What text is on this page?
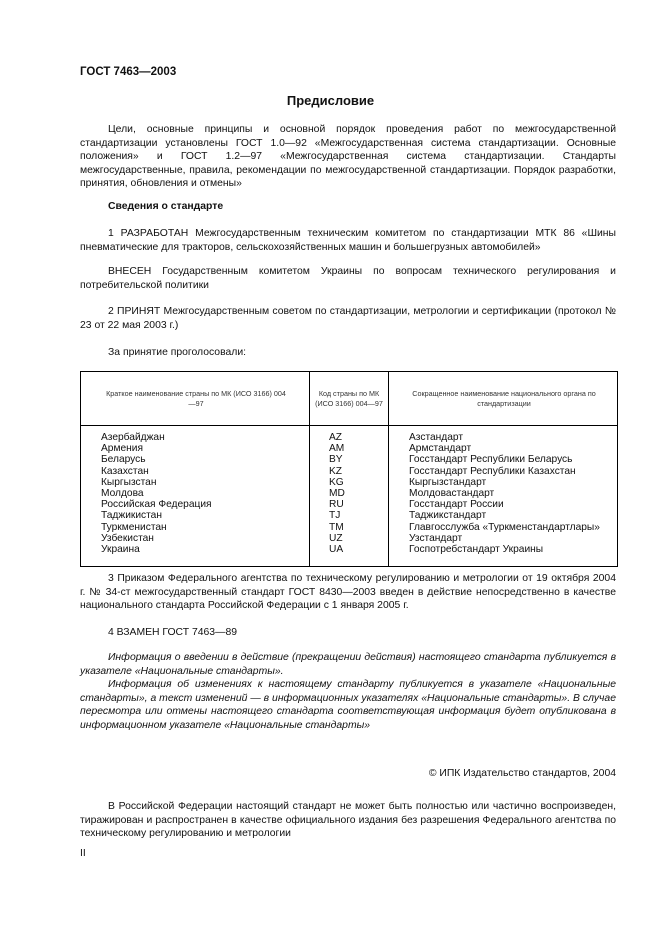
ГОСТ 7463—2003
Предисловие
Цели, основные принципы и основной порядок проведения работ по межгосударственной стандартизации установлены ГОСТ 1.0—92 «Межгосударственная система стандартизации. Основные положения» и ГОСТ 1.2—97 «Межгосударственная система стандартизации. Стандарты межгосударственные, правила, рекомендации по межгосударственной стандартизации. Порядок разработки, принятия, обновления и отмены»
Сведения о стандарте
1 РАЗРАБОТАН Межгосударственным техническим комитетом по стандартизации МТК 86 «Шины пневматические для тракторов, сельскохозяйственных машин и большегрузных автомобилей»
ВНЕСЕН Государственным комитетом Украины по вопросам технического регулирования и потребительской политики
2 ПРИНЯТ Межгосударственным советом по стандартизации, метрологии и сертификации (протокол № 23 от 22 мая 2003 г.)
За принятие проголосовали:
Краткое наименование страны по МК (ИСО 3166) 004—97
Код страны по МК (ИСО 3166) 004—97
Сокращенное наименование национального органа по стандартизации
Азербайджан
Армения
Беларусь
Казахстан
Кыргызстан
Молдова
Российская Федерация
Таджикистан
Туркменистан
Узбекистан
Украина
AZ
AM
BY
KZ
KG
MD
RU
TJ
TM
UZ
UA
Азстандарт
Армстандарт
Госстандарт Республики Беларусь
Госстандарт Республики Казахстан
Кыргызстандарт
Молдовастандарт
Госстандарт России
Таджикстандарт
Главгосслужба «Туркменстандартлары»
Узстандарт
Госпотребстандарт Украины
3 Приказом Федерального агентства по техническому регулированию и метрологии от 19 октября 2004 г. № 34-ст межгосударственный стандарт ГОСТ 8430—2003 введен в действие непосредственно в качестве национального стандарта Российской Федерации с 1 января 2005 г.
4 ВЗАМЕН ГОСТ 7463—89
Информация о введении в действие (прекращении действия) настоящего стандарта публикуется в указателе «Национальные стандарты».
Информация об изменениях к настоящему стандарту публикуется в указателе «Национальные стандарты», а текст изменений — в информационных указателях «Национальные стандарты». В случае пересмотра или отмены настоящего стандарта соответствующая информация будет опубликована в информационном указателе «Национальные стандарты»
© ИПК Издательство стандартов, 2004
В Российской Федерации настоящий стандарт не может быть полностью или частично воспроизведен, тиражирован и распространен в качестве официального издания без разрешения Федерального агентства по техническому регулированию и метрологии
II
